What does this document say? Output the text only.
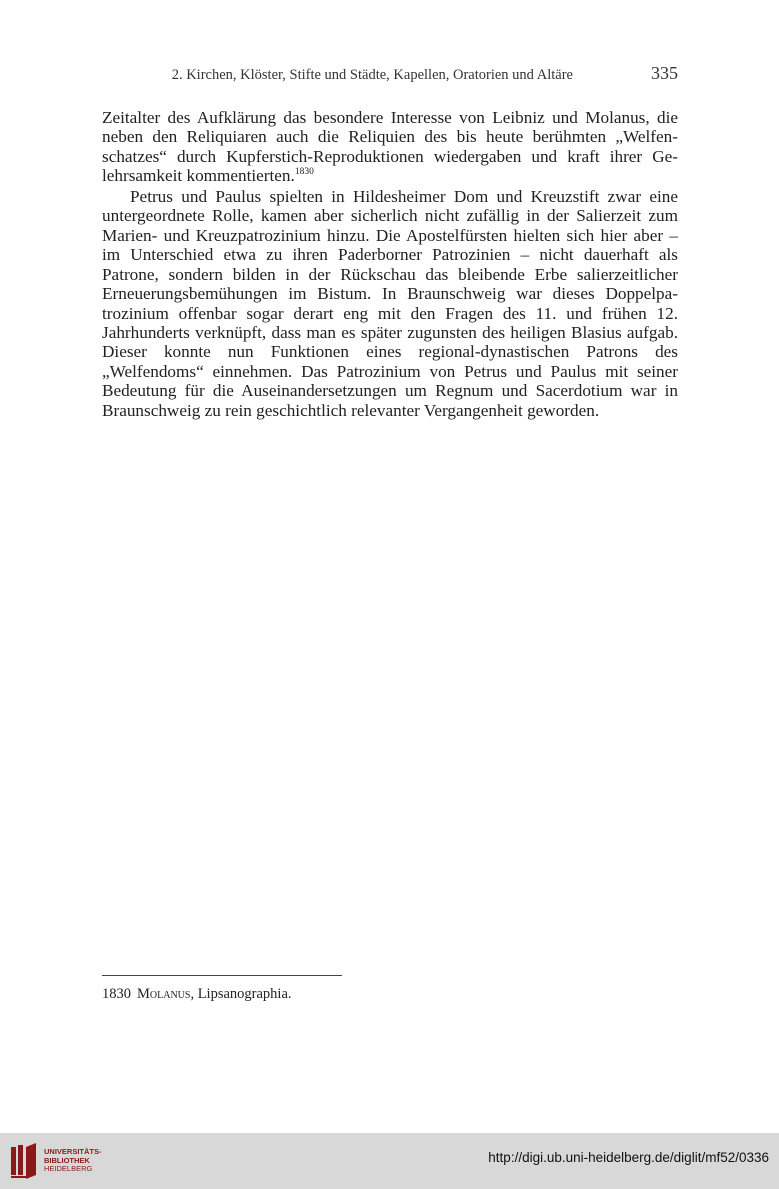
2. Kirchen, Klöster, Stifte und Städte, Kapellen, Oratorien und Altäre	335

Zeitalter des Aufklärung das besondere Interesse von Leibniz und Molanus, die neben den Reliquiaren auch die Reliquien des bis heute berühmten „Welfenschatzes“ durch Kupferstich-Reproduktionen wiedergaben und kraft ihrer Gelehrsamkeit kommentierten.$^{1830}$

Petrus und Paulus spielten in Hildesheimer Dom und Kreuzstift zwar eine untergeordnete Rolle, kamen aber sicherlich nicht zufällig in der Salierzeit zum Marien- und Kreuzpatrozinium hinzu. Die Apostelfürsten hielten sich hier aber – im Unterschied etwa zu ihren Paderborner Patrozinien – nicht dauerhaft als Patrone, sondern bilden in der Rückschau das bleibende Erbe salierzeitlicher Erneuerungsbemühungen im Bistum. In Braunschweig war dieses Doppelpatrozinium offenbar sogar derart eng mit den Fragen des 11. und frühen 12. Jahrhunderts verknüpft, dass man es später zugunsten des heiligen Blasius aufgab. Dieser konnte nun Funktionen eines regional-dynastischen Patrons des „Welfendoms“ einnehmen. Das Patrozinium von Petrus und Paulus mit seiner Bedeutung für die Auseinandersetzungen um Regnum und Sacerdotium war in Braunschweig zu rein geschichtlich relevanter Vergangenheit geworden.

1830 Molanus, Lipsanographia.
UNIVERSITÄTS-
BIBLIOTHEK
HEIDELBERG
http://digi.ub.uni-heidelberg.de/diglit/mf52/0336
